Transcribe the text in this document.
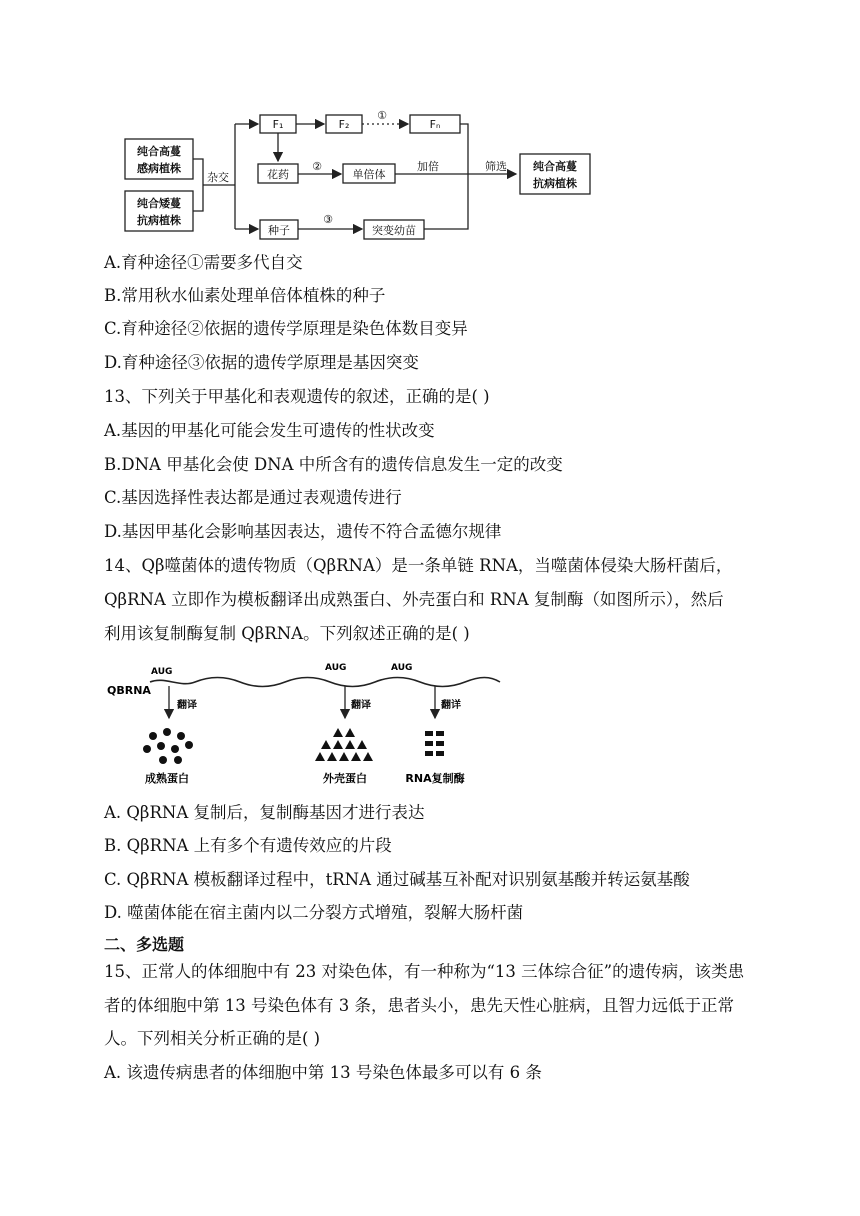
纯合高蔓
感病植株
纯合矮蔓
抗病植株
杂交
F₁	F₂
①
Fₙ
花药
②
单倍体
加倍
种子
③
突变幼苗
筛选 纯合高蔓
抗病植株
A.育种途径①需要多代自交
B.常用秋水仙素处理单倍体植株的种子
C.育种途径②依据的遗传学原理是染色体数目变异
D.育种途径③依据的遗传学原理是基因突变
13、下列关于甲基化和表观遗传的叙述，正确的是( )
A.基因的甲基化可能会发生可遗传的性状改变
B.DNA 甲基化会使 DNA 中所含有的遗传信息发生一定的改变
C.基因选择性表达都是通过表观遗传进行
D.基因甲基化会影响基因表达，遗传不符合孟德尔规律
14、Qβ噬菌体的遗传物质（QβRNA）是一条单链 RNA，当噬菌体侵染大肠杆菌后，
QβRNA 立即作为模板翻译出成熟蛋白、外壳蛋白和 RNA 复制酶（如图所示），然后
利用该复制酶复制 QβRNA。下列叙述正确的是( )
QBRNA
AUG	AUG	AUG
翻译	翻译	翻详
成熟蛋白	外壳蛋白	RNA复制酶
A. QβRNA 复制后，复制酶基因才进行表达
B. QβRNA 上有多个有遗传效应的片段
C. QβRNA 模板翻译过程中，tRNA 通过碱基互补配对识别氨基酸并转运氨基酸
D. 噬菌体能在宿主菌内以二分裂方式增殖，裂解大肠杆菌
二、多选题
15、正常人的体细胞中有 23 对染色体，有一种称为“13 三体综合征”的遗传病，该类患
者的体细胞中第 13 号染色体有 3 条，患者头小，患先天性心脏病，且智力远低于正常
人。下列相关分析正确的是( )
A. 该遗传病患者的体细胞中第 13 号染色体最多可以有 6 条
